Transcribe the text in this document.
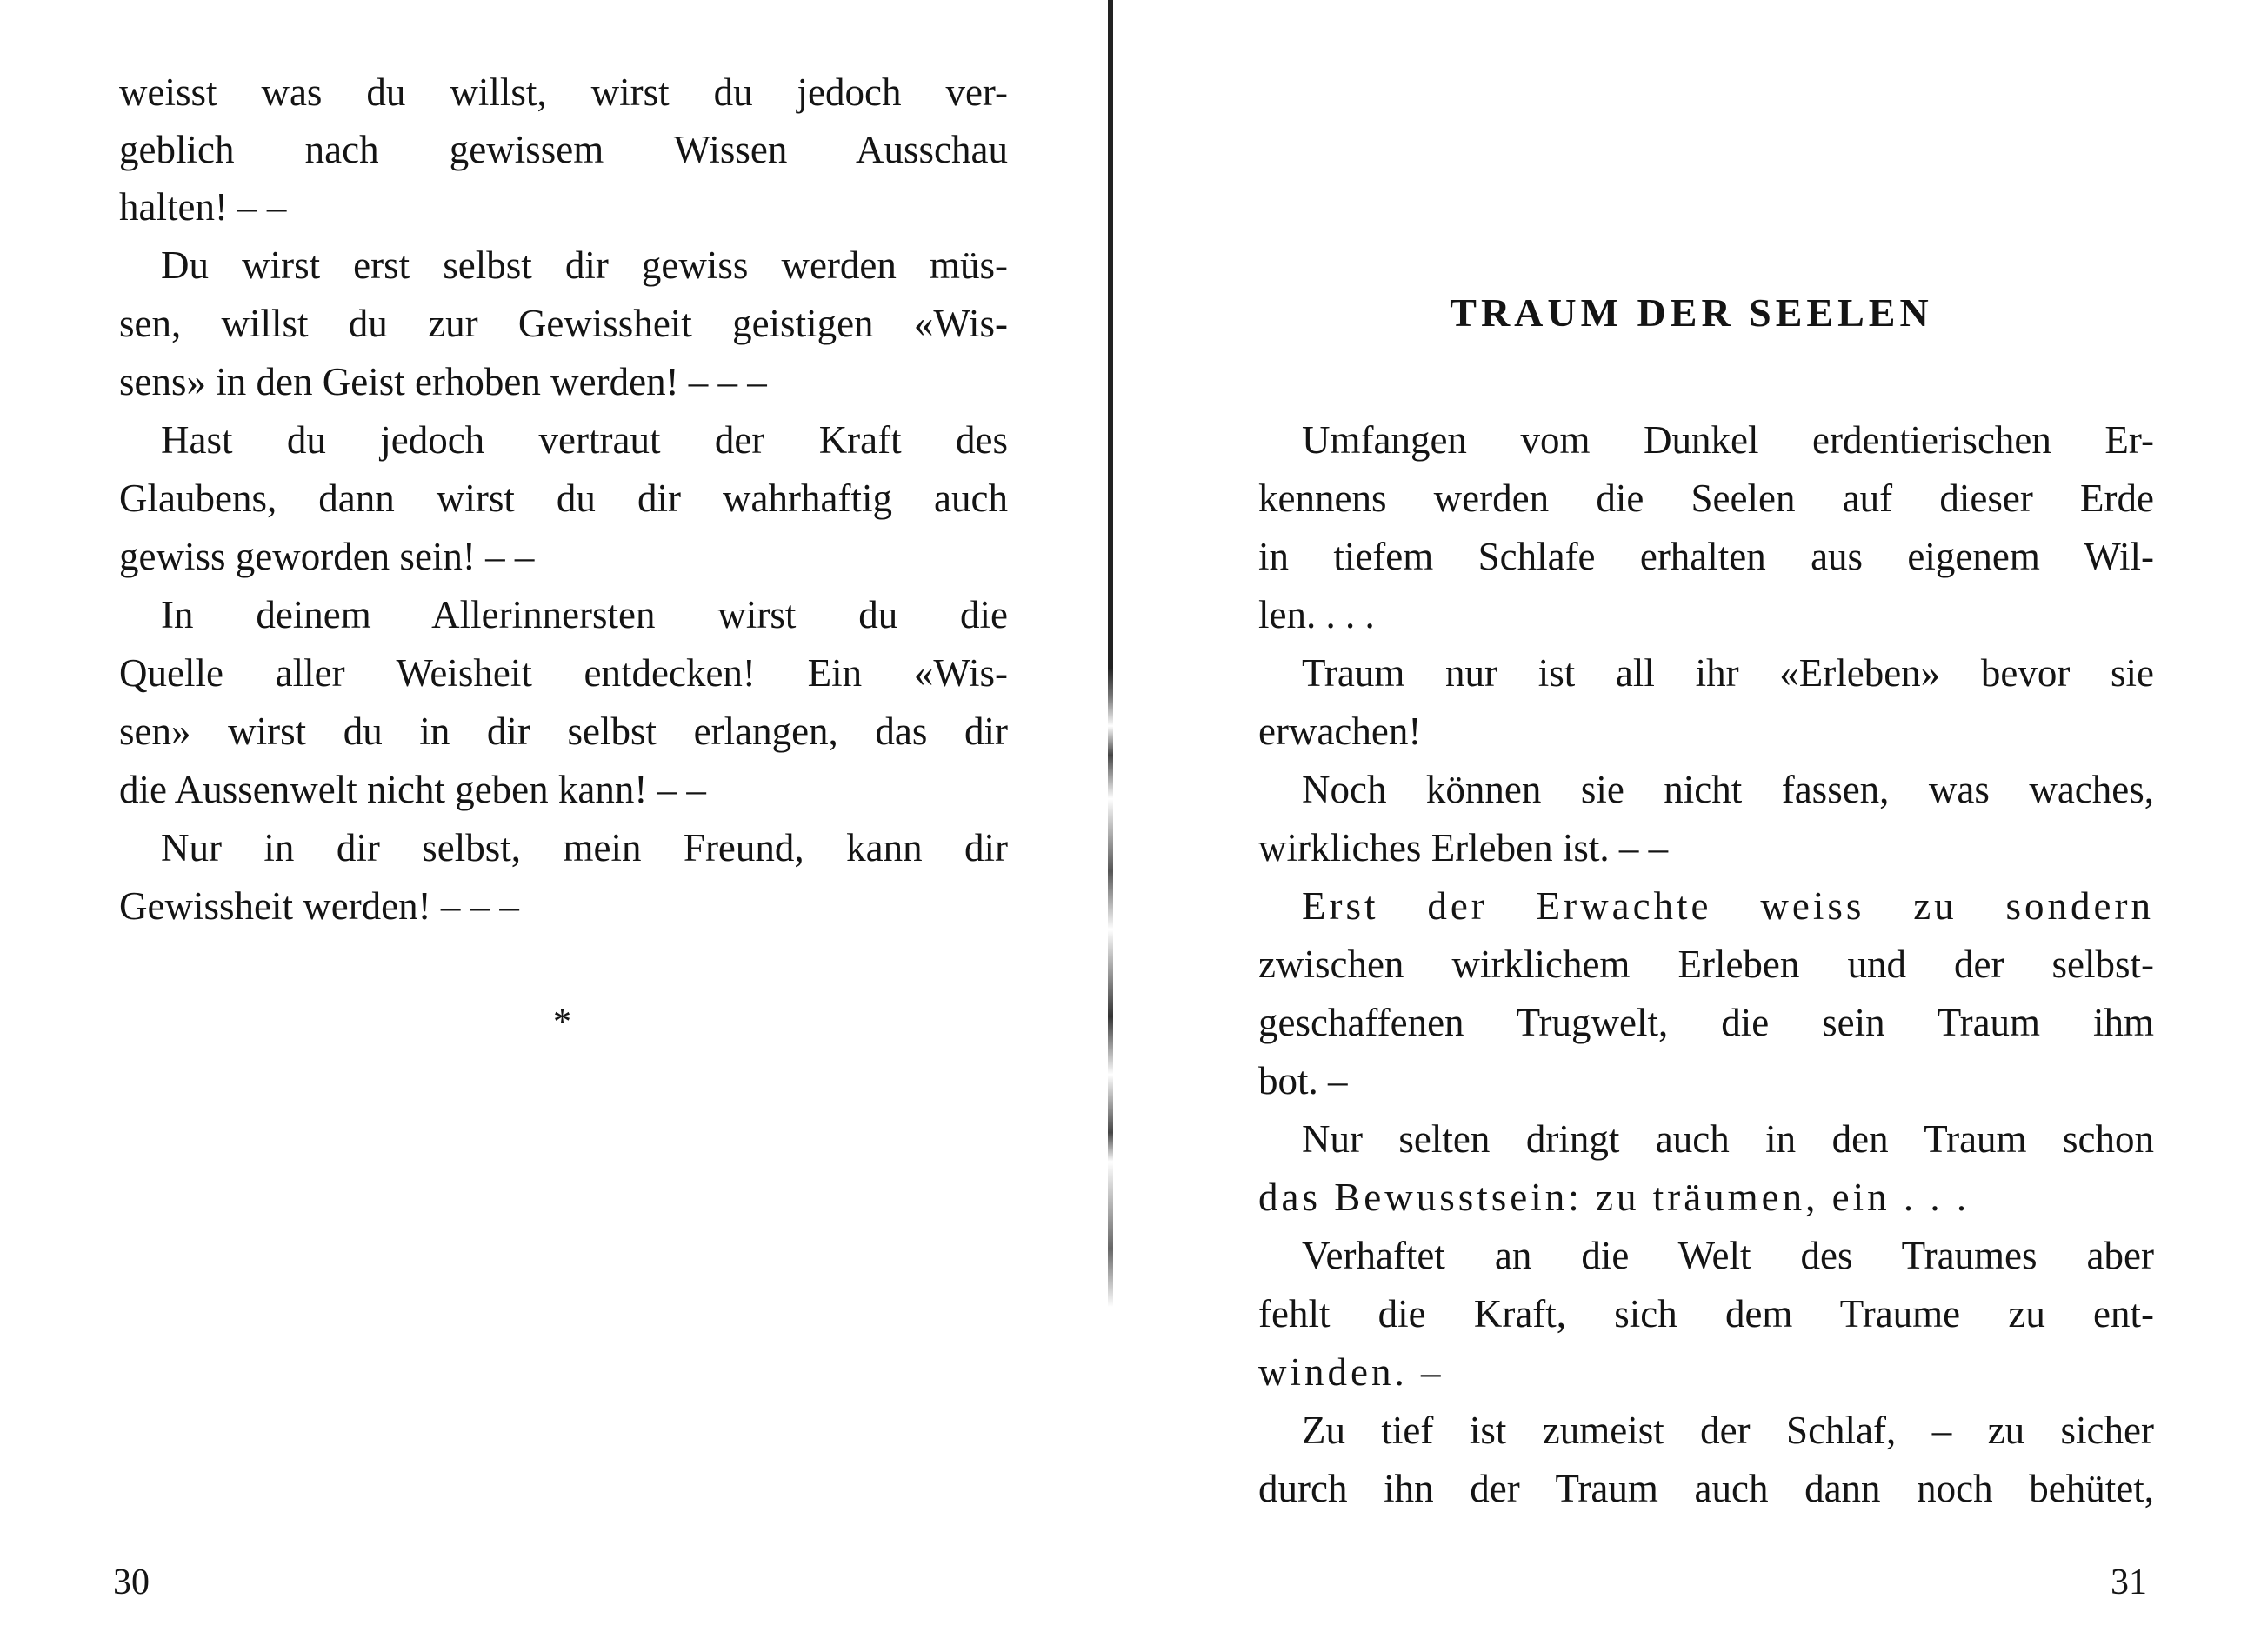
weisst was du willst, wirst du jedoch ver-

geblich nach gewissem Wissen Ausschau

halten! – –

Du wirst erst selbst dir gewiss werden müs-

sen, willst du zur Gewissheit geistigen «Wis-

sens» in den Geist erhoben werden! – – –

Hast du jedoch vertraut der Kraft des

Glaubens, dann wirst du dir wahrhaftig auch

gewiss geworden sein! – –

In deinem Allerinnersten wirst du die

Quelle aller Weisheit entdecken! Ein «Wis-

sen» wirst du in dir selbst erlangen, das dir

die Aussenwelt nicht geben kann! – –

Nur in dir selbst, mein Freund, kann dir

Gewissheit werden! – – –

*

30

TRAUM DER SEELEN

Umfangen vom Dunkel erdentierischen Er-

kennens werden die Seelen auf dieser Erde

in tiefem Schlafe erhalten aus eigenem Wil-

len. . . .

Traum nur ist all ihr «Erleben» bevor sie

erwachen!

Noch können sie nicht fassen, was waches,

wirkliches Erleben ist. – –

Erst der Erwachte weiss zu sondern

zwischen wirklichem Erleben und der selbst-

geschaffenen Trugwelt, die sein Traum ihm

bot. –

Nur selten dringt auch in den Traum schon

das Bewusstsein: zu träumen, ein . . .

Verhaftet an die Welt des Traumes aber

fehlt die Kraft, sich dem Traume zu ent-

winden. –

Zu tief ist zumeist der Schlaf, – zu sicher

durch ihn der Traum auch dann noch behütet,

31
